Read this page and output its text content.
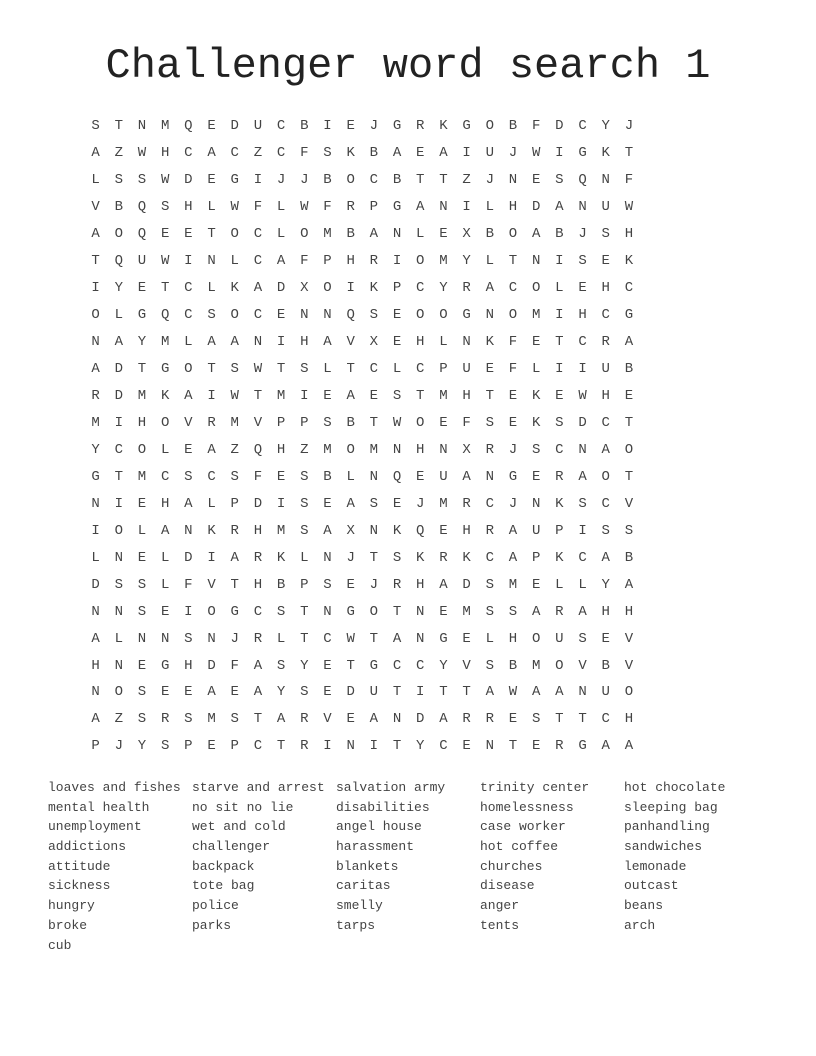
Challenger word search 1
S	T	N	M	Q	E	D	U	C	B	I	E	J	G	R	K	G	O	B	F	D	C	Y	J
A	Z	W	H	C	A	C	Z	C	F	S	K	B	A	E	A	I	U	J	W	I	G	K	T
L	S	S	W	D	E	G	I	J	J	B	O	C	B	T	T	Z	J	N	E	S	Q	N	F
V	B	Q	S	H	L	W	F	L	W	F	R	P	G	A	N	I	L	H	D	A	N	U	W
A	O	Q	E	E	T	O	C	L	O	M	B	A	N	L	E	X	B	O	A	B	J	S	H
T	Q	U	W	I	N	L	C	A	F	P	H	R	I	O	M	Y	L	T	N	I	S	E	K
I	Y	E	T	C	L	K	A	D	X	O	I	K	P	C	Y	R	A	C	O	L	E	H	C
O	L	G	Q	C	S	O	C	E	N	N	Q	S	E	O	O	G	N	O	M	I	H	C	G
N	A	Y	M	L	A	A	N	I	H	A	V	X	E	H	L	N	K	F	E	T	C	R	A
A	D	T	G	O	T	S	W	T	S	L	T	C	L	C	P	U	E	F	L	I	I	U	B
R	D	M	K	A	I	W	T	M	I	E	A	E	S	T	M	H	T	E	K	E	W	H	E
M	I	H	O	V	R	M	V	P	P	S	B	T	W	O	E	F	S	E	K	S	D	C	T
Y	C	O	L	E	A	Z	Q	H	Z	M	O	M	N	H	N	X	R	J	S	C	N	A	O
G	T	M	C	S	C	S	F	E	S	B	L	N	Q	E	U	A	N	G	E	R	A	O	T
N	I	E	H	A	L	P	D	I	S	E	A	S	E	J	M	R	C	J	N	K	S	C	V
I	O	L	A	N	K	R	H	M	S	A	X	N	K	Q	E	H	R	A	U	P	I	S	S
L	N	E	L	D	I	A	R	K	L	N	J	T	S	K	R	K	C	A	P	K	C	A	B
D	S	S	L	F	V	T	H	B	P	S	E	J	R	H	A	D	S	M	E	L	L	Y	A
N	N	S	E	I	O	G	C	S	T	N	G	O	T	N	E	M	S	S	A	R	A	H	H
A	L	N	N	S	N	J	R	L	T	C	W	T	A	N	G	E	L	H	O	U	S	E	V
H	N	E	G	H	D	F	A	S	Y	E	T	G	C	C	Y	V	S	B	M	O	V	B	V
N	O	S	E	E	A	E	A	Y	S	E	D	U	T	I	T	T	A	W	A	A	N	U	O
A	Z	S	R	S	M	S	T	A	R	V	E	A	N	D	A	R	R	E	S	T	T	C	H
P	J	Y	S	P	E	P	C	T	R	I	N	I	T	Y	C	E	N	T	E	R	G	A	A
loaves and fishes
mental health
unemployment
addictions
attitude
sickness
hungry
broke
cub
starve and arrest
no sit no lie
wet and cold
challenger
backpack
tote bag
police
parks
salvation army
disabilities
angel house
harassment
blankets
caritas
smelly
tarps
trinity center
homelessness
case worker
hot coffee
churches
disease
anger
tents
hot chocolate
sleeping bag
panhandling
sandwiches
lemonade
outcast
beans
arch
